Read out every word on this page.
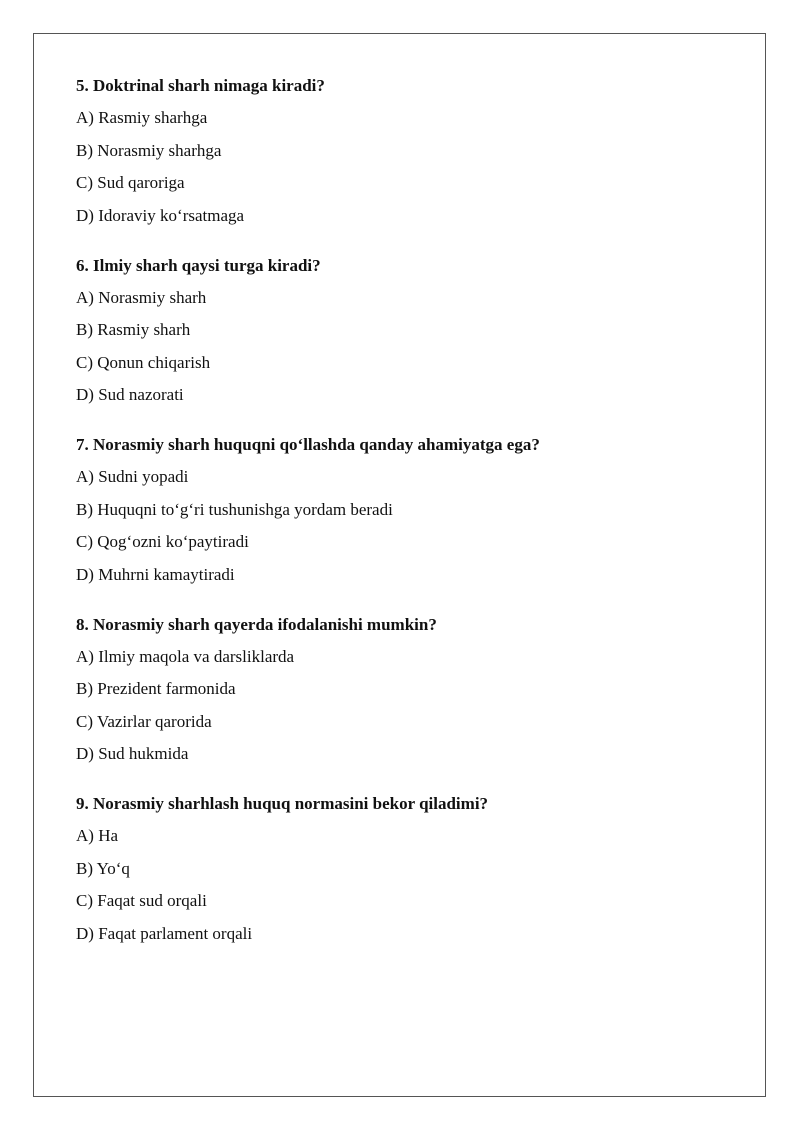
5. Doktrinal sharh nimaga kiradi?
A) Rasmiy sharhga
B) Norasmiy sharhga
C) Sud qaroriga
D) Idoraviy ko‘rsatmaga
6. Ilmiy sharh qaysi turga kiradi?
A) Norasmiy sharh
B) Rasmiy sharh
C) Qonun chiqarish
D) Sud nazorati
7. Norasmiy sharh huquqni qo‘llashda qanday ahamiyatga ega?
A) Sudni yopadi
B) Huquqni to‘g‘ri tushunishga yordam beradi
C) Qog‘ozni ko‘paytiradi
D) Muhrni kamaytiradi
8. Norasmiy sharh qayerda ifodalanishi mumkin?
A) Ilmiy maqola va darsliklarda
B) Prezident farmonida
C) Vazirlar qarorida
D) Sud hukmida
9. Norasmiy sharhlash huquq normasini bekor qiladimi?
A) Ha
B) Yo‘q
C) Faqat sud orqali
D) Faqat parlament orqali
